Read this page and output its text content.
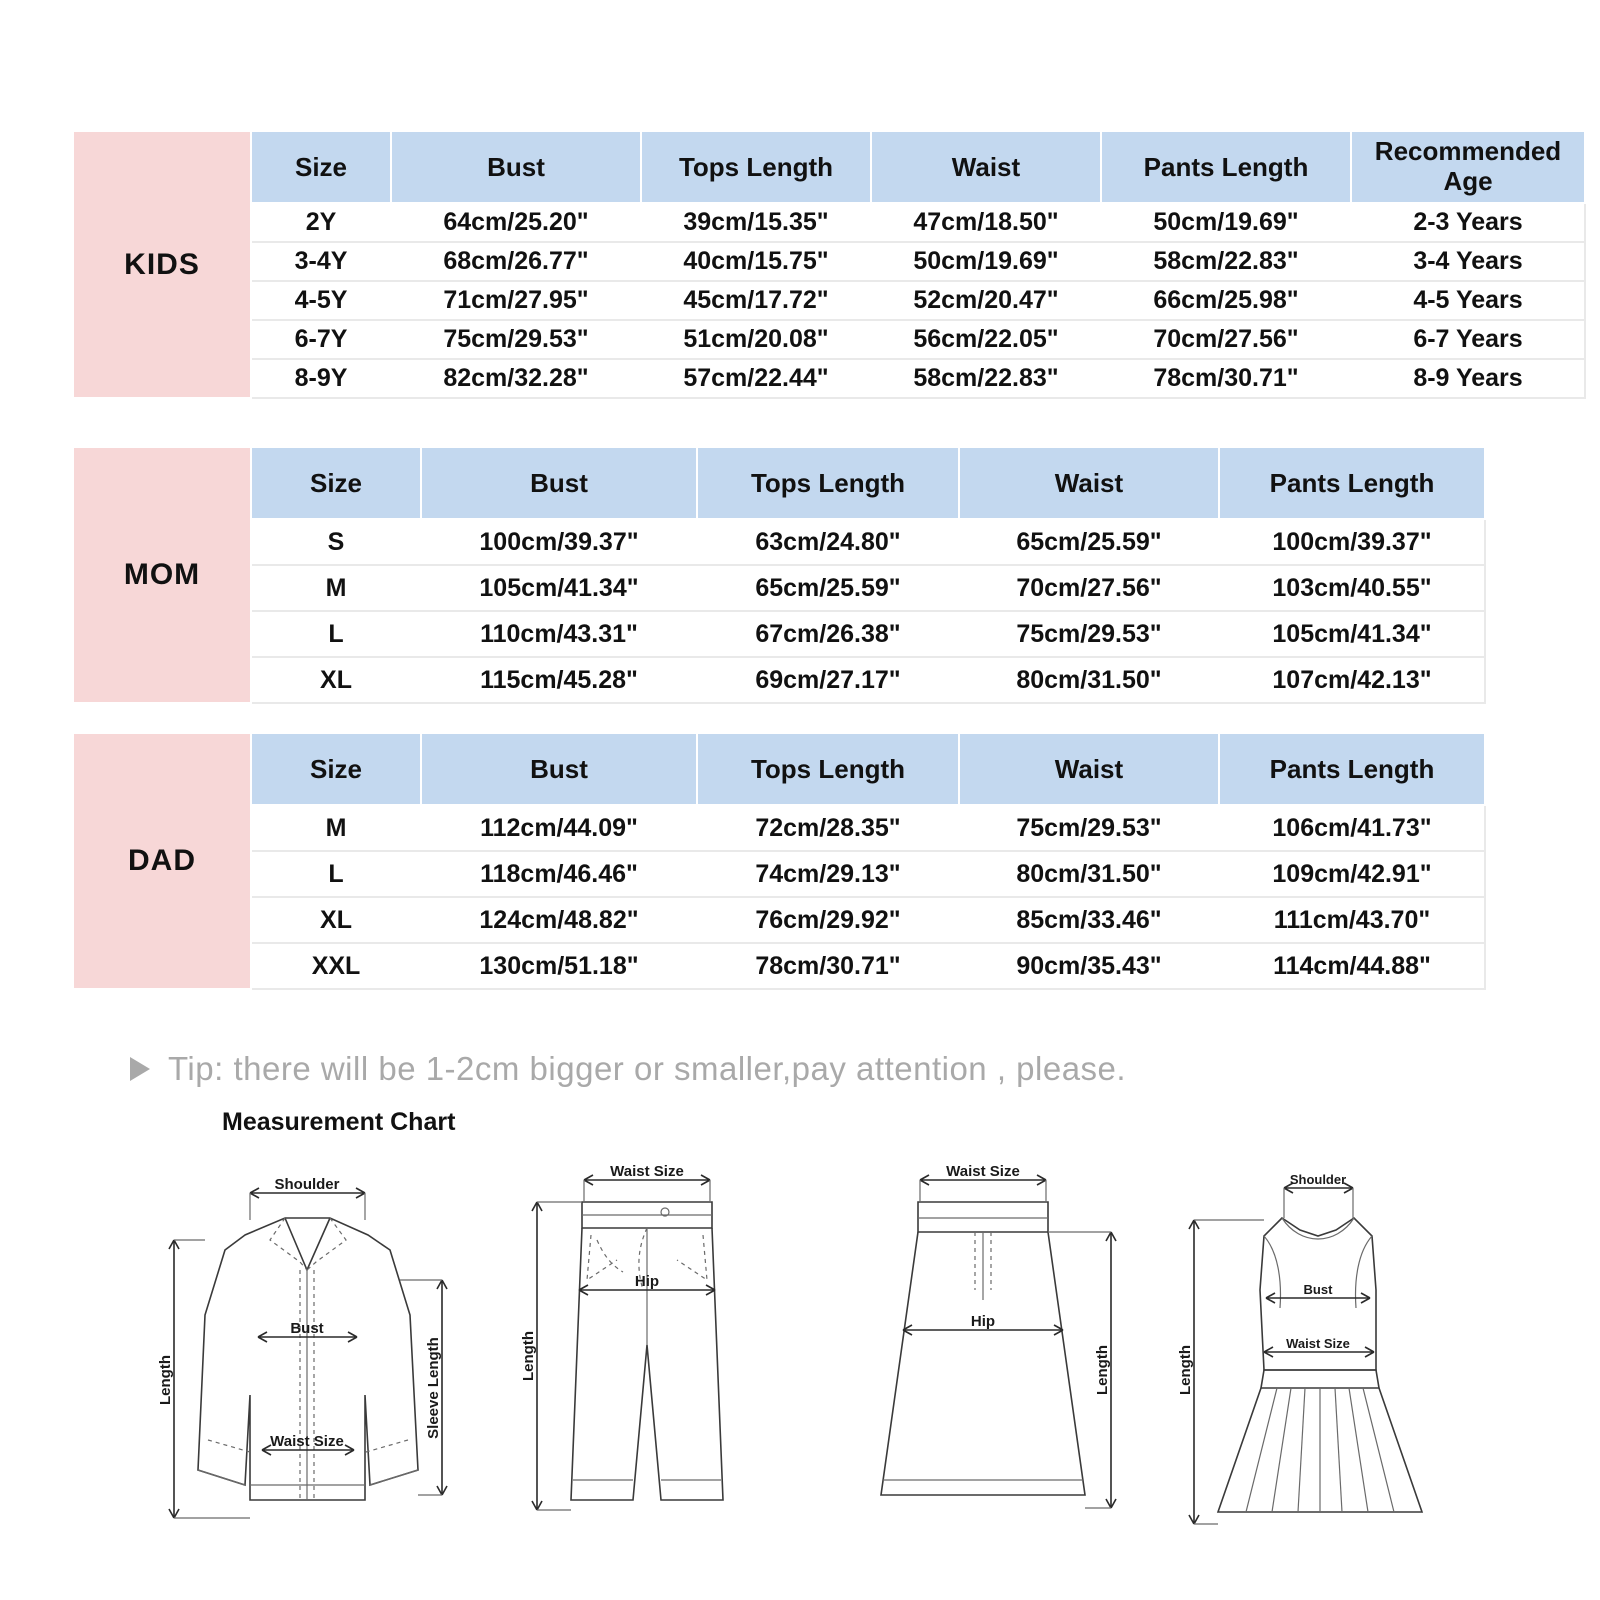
KIDS	Size	Bust	Tops Length	Waist	Pants Length	Recommended Age
	2Y	64cm/25.20"	39cm/15.35"	47cm/18.50"	50cm/19.69"	2-3 Years
	3-4Y	68cm/26.77"	40cm/15.75"	50cm/19.69"	58cm/22.83"	3-4 Years
	4-5Y	71cm/27.95"	45cm/17.72"	52cm/20.47"	66cm/25.98"	4-5 Years
	6-7Y	75cm/29.53"	51cm/20.08"	56cm/22.05"	70cm/27.56"	6-7 Years
	8-9Y	82cm/32.28"	57cm/22.44"	58cm/22.83"	78cm/30.71"	8-9 Years
MOM	Size	Bust	Tops Length	Waist	Pants Length
	S	100cm/39.37"	63cm/24.80"	65cm/25.59"	100cm/39.37"
	M	105cm/41.34"	65cm/25.59"	70cm/27.56"	103cm/40.55"
	L	110cm/43.31"	67cm/26.38"	75cm/29.53"	105cm/41.34"
	XL	115cm/45.28"	69cm/27.17"	80cm/31.50"	107cm/42.13"
DAD	Size	Bust	Tops Length	Waist	Pants Length
	M	112cm/44.09"	72cm/28.35"	75cm/29.53"	106cm/41.73"
	L	118cm/46.46"	74cm/29.13"	80cm/31.50"	109cm/42.91"
	XL	124cm/48.82"	76cm/29.92"	85cm/33.46"	111cm/43.70"
	XXL	130cm/51.18"	78cm/30.71"	90cm/35.43"	114cm/44.88"
Tip: there will be 1-2cm bigger or smaller,pay attention , please.
Measurement Chart
Shoulder
Bust
Waist Size
Length	Sleeve Length
Waist Size
Hip
Length
Waist Size
Hip
Length
Shoulder
Bust
Waist Size
Length
